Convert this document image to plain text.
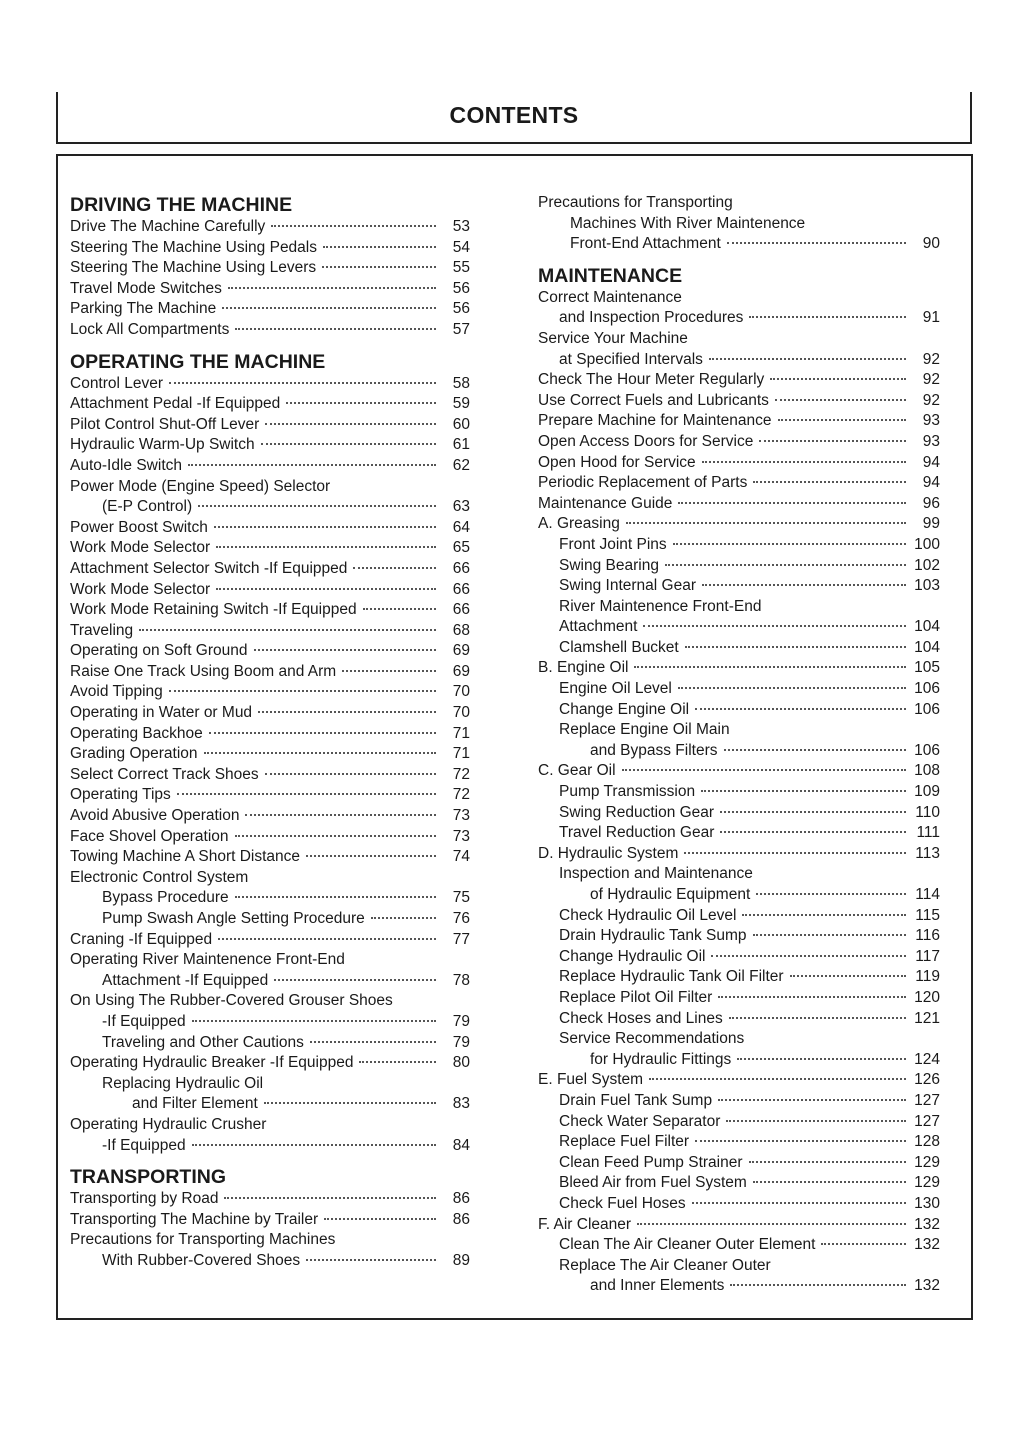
CONTENTS
DRIVING THE MACHINE
Drive The Machine Carefully	53
Steering The Machine Using Pedals	54
Steering The Machine Using Levers	55
Travel Mode Switches	56
Parking The Machine	56
Lock All Compartments	57
OPERATING THE MACHINE
Control Lever	58
Attachment Pedal -If Equipped	59
Pilot Control Shut-Off Lever	60
Hydraulic Warm-Up Switch	61
Auto-Idle Switch	62
Power Mode (Engine Speed) Selector
(E-P Control)	63
Power Boost Switch	64
Work Mode Selector	65
Attachment Selector Switch -If Equipped	66
Work Mode Selector	66
Work Mode Retaining Switch -If Equipped	66
Traveling	68
Operating on Soft Ground	69
Raise One Track Using Boom and Arm	69
Avoid Tipping	70
Operating in Water or Mud	70
Operating Backhoe	71
Grading Operation	71
Select Correct Track Shoes	72
Operating Tips	72
Avoid Abusive Operation	73
Face Shovel Operation	73
Towing Machine A Short Distance	74
Electronic Control System
Bypass Procedure	75
Pump Swash Angle Setting Procedure	76
Craning -If Equipped	77
Operating River Maintenence Front-End
Attachment -If Equipped	78
On Using The Rubber-Covered Grouser Shoes
-If Equipped	79
Traveling and Other Cautions	79
Operating Hydraulic Breaker -If Equipped	80
Replacing Hydraulic Oil
and Filter Element	83
Operating Hydraulic Crusher
-If Equipped	84
TRANSPORTING
Transporting by Road	86
Transporting The Machine by Trailer	86
Precautions for Transporting Machines
With Rubber-Covered Shoes	89
Precautions for Transporting
Machines With River Maintenence
Front-End Attachment	90
MAINTENANCE
Correct Maintenance
and Inspection Procedures	91
Service Your Machine
at Specified Intervals	92
Check The Hour Meter Regularly	92
Use Correct Fuels and Lubricants	92
Prepare Machine for Maintenance	93
Open Access Doors for Service	93
Open Hood for Service	94
Periodic Replacement of Parts	94
Maintenance Guide	96
A. Greasing	99
Front Joint Pins	100
Swing Bearing	102
Swing Internal Gear	103
River Maintenence Front-End
Attachment	104
Clamshell Bucket	104
B. Engine Oil	105
Engine Oil Level	106
Change Engine Oil	106
Replace Engine Oil Main
and Bypass Filters	106
C. Gear Oil	108
Pump Transmission	109
Swing Reduction Gear	110
Travel Reduction Gear	111
D. Hydraulic System	113
Inspection and Maintenance
of Hydraulic Equipment	114
Check Hydraulic Oil Level	115
Drain Hydraulic Tank Sump	116
Change Hydraulic Oil	117
Replace Hydraulic Tank Oil Filter	119
Replace Pilot Oil Filter	120
Check Hoses and Lines	121
Service Recommendations
for Hydraulic Fittings	124
E. Fuel System	126
Drain Fuel Tank Sump	127
Check Water Separator	127
Replace Fuel Filter	128
Clean Feed Pump Strainer	129
Bleed Air from Fuel System	129
Check Fuel Hoses	130
F. Air Cleaner	132
Clean The Air Cleaner Outer Element	132
Replace The Air Cleaner Outer
and Inner Elements	132
